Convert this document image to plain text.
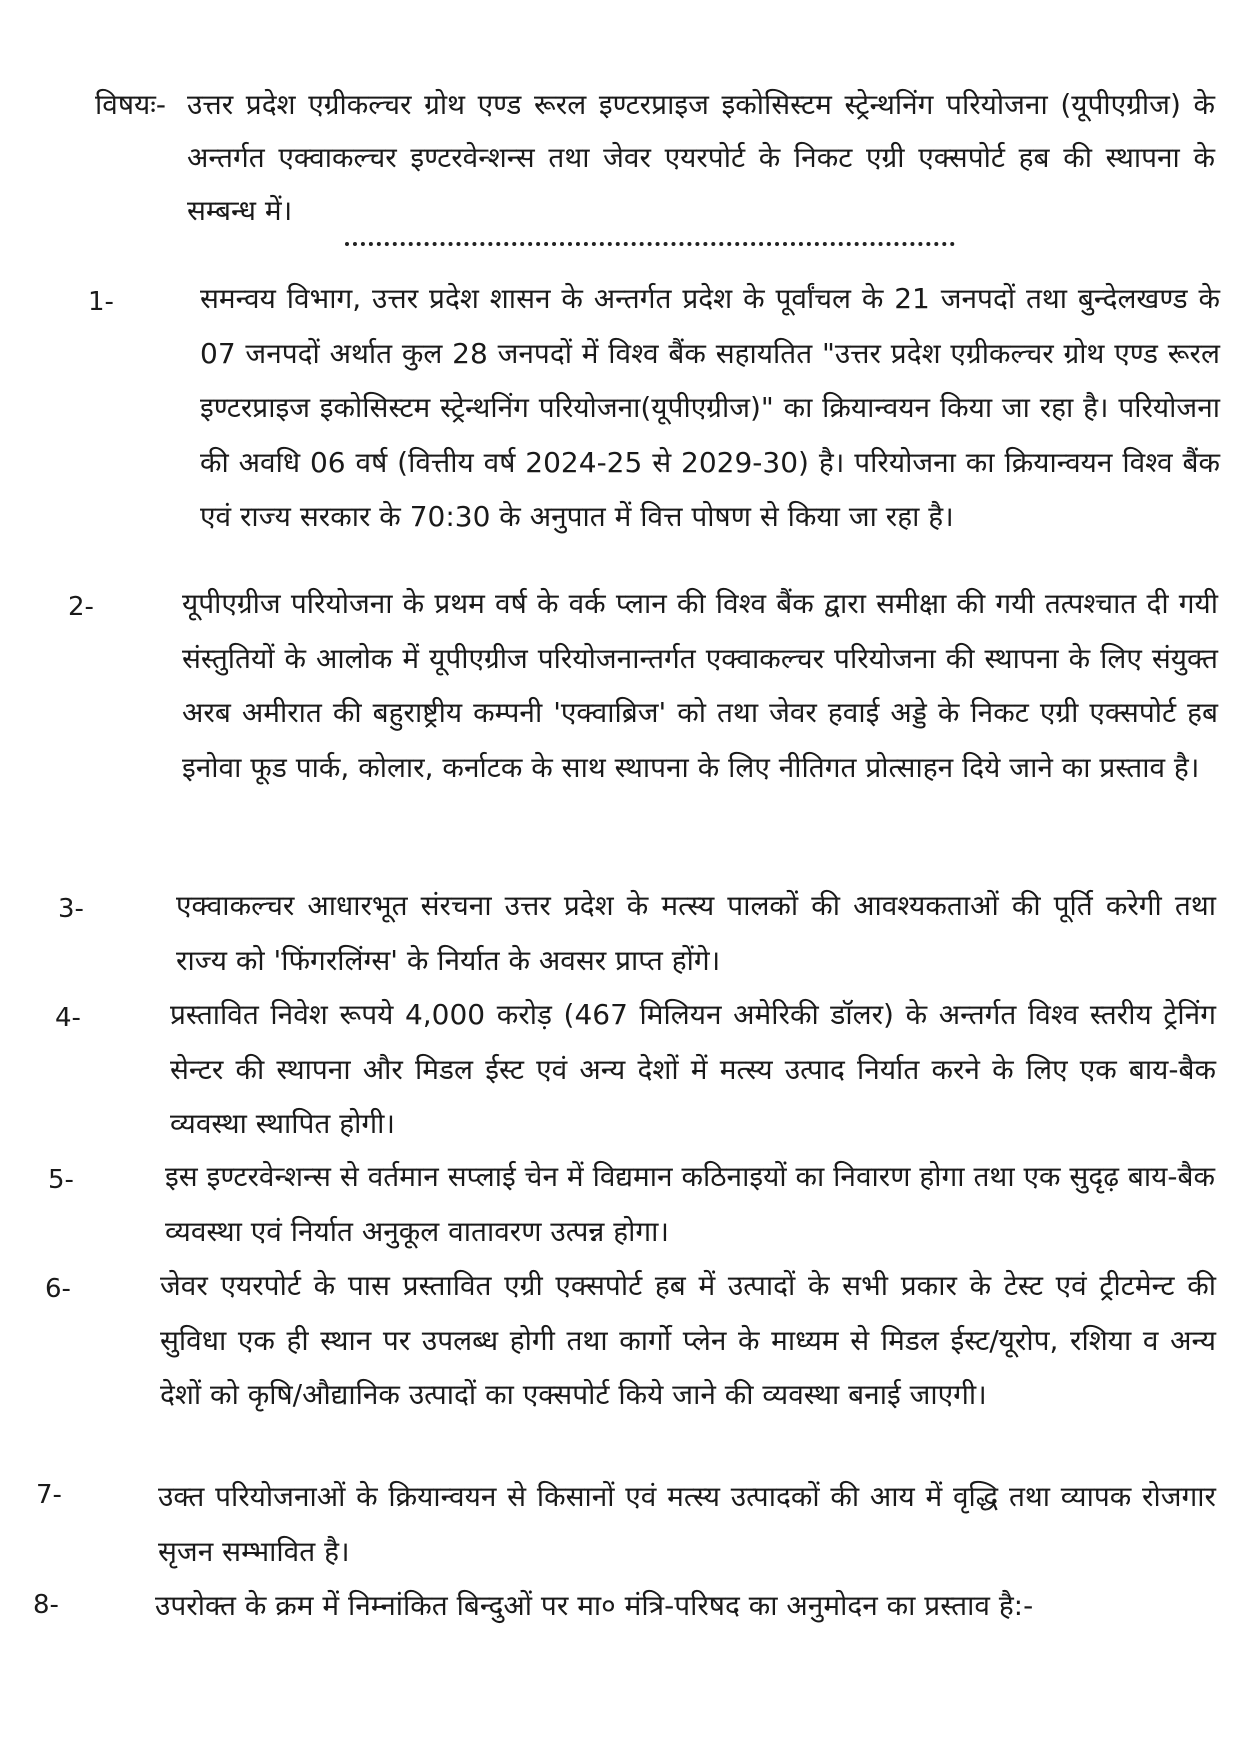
विषयः- उत्तर प्रदेश एग्रीकल्चर ग्रोथ एण्ड रूरल इण्टरप्राइज इकोसिस्टम स्ट्रेन्थनिंग परियोजना (यूपीएग्रीज) के अन्तर्गत एक्वाकल्चर इण्टरवेन्शन्स तथा जेवर एयरपोर्ट के निकट एग्री एक्सपोर्ट हब की स्थापना के सम्बन्ध में।
1-	समन्वय विभाग, उत्तर प्रदेश शासन के अन्तर्गत प्रदेश के पूर्वांचल के 21 जनपदों तथा बुन्देलखण्ड के 07 जनपदों अर्थात कुल 28 जनपदों में विश्व बैंक सहायतित "उत्तर प्रदेश एग्रीकल्चर ग्रोथ एण्ड रूरल इण्टरप्राइज इकोसिस्टम स्ट्रेन्थनिंग परियोजना(यूपीएग्रीज)" का क्रियान्वयन किया जा रहा है। परियोजना की अवधि 06 वर्ष (वित्तीय वर्ष 2024-25 से 2029-30) है। परियोजना का क्रियान्वयन विश्व बैंक एवं राज्य सरकार के 70:30 के अनुपात में वित्त पोषण से किया जा रहा है।
2-	यूपीएग्रीज परियोजना के प्रथम वर्ष के वर्क प्लान की विश्व बैंक द्वारा समीक्षा की गयी तत्पश्चात दी गयी संस्तुतियों के आलोक में यूपीएग्रीज परियोजनान्तर्गत एक्वाकल्चर परियोजना की स्थापना के लिए संयुक्त अरब अमीरात की बहुराष्ट्रीय कम्पनी 'एक्वाब्रिज' को तथा जेवर हवाई अड्डे के निकट एग्री एक्सपोर्ट हब इनोवा फूड पार्क, कोलार, कर्नाटक के साथ स्थापना के लिए नीतिगत प्रोत्साहन दिये जाने का प्रस्ताव है।
3-	एक्वाकल्चर आधारभूत संरचना उत्तर प्रदेश के मत्स्य पालकों की आवश्यकताओं की पूर्ति करेगी तथा राज्य को 'फिंगरलिंग्स' के निर्यात के अवसर प्राप्त होंगे।
4-	प्रस्तावित निवेश रूपये 4,000 करोड़ (467 मिलियन अमेरिकी डॉलर) के अन्तर्गत विश्व स्तरीय ट्रेनिंग सेन्टर की स्थापना और मिडल ईस्ट एवं अन्य देशों में मत्स्य उत्पाद निर्यात करने के लिए एक बाय-बैक व्यवस्था स्थापित होगी।
5-	इस इण्टरवेन्शन्स से वर्तमान सप्लाई चेन में विद्यमान कठिनाइयों का निवारण होगा तथा एक सुदृढ़ बाय-बैक व्यवस्था एवं निर्यात अनुकूल वातावरण उत्पन्न होगा।
6-	जेवर एयरपोर्ट के पास प्रस्तावित एग्री एक्सपोर्ट हब में उत्पादों के सभी प्रकार के टेस्ट एवं ट्रीटमेन्ट की सुविधा एक ही स्थान पर उपलब्ध होगी तथा कार्गो प्लेन के माध्यम से मिडल ईस्ट/यूरोप, रशिया व अन्य देशों को कृषि/औद्यानिक उत्पादों का एक्सपोर्ट किये जाने की व्यवस्था बनाई जाएगी।
7-	उक्त परियोजनाओं के क्रियान्वयन से किसानों एवं मत्स्य उत्पादकों की आय में वृद्धि तथा व्यापक रोजगार सृजन सम्भावित है।
8-	उपरोक्त के क्रम में निम्नांकित बिन्दुओं पर मा० मंत्रि-परिषद का अनुमोदन का प्रस्ताव है:-
